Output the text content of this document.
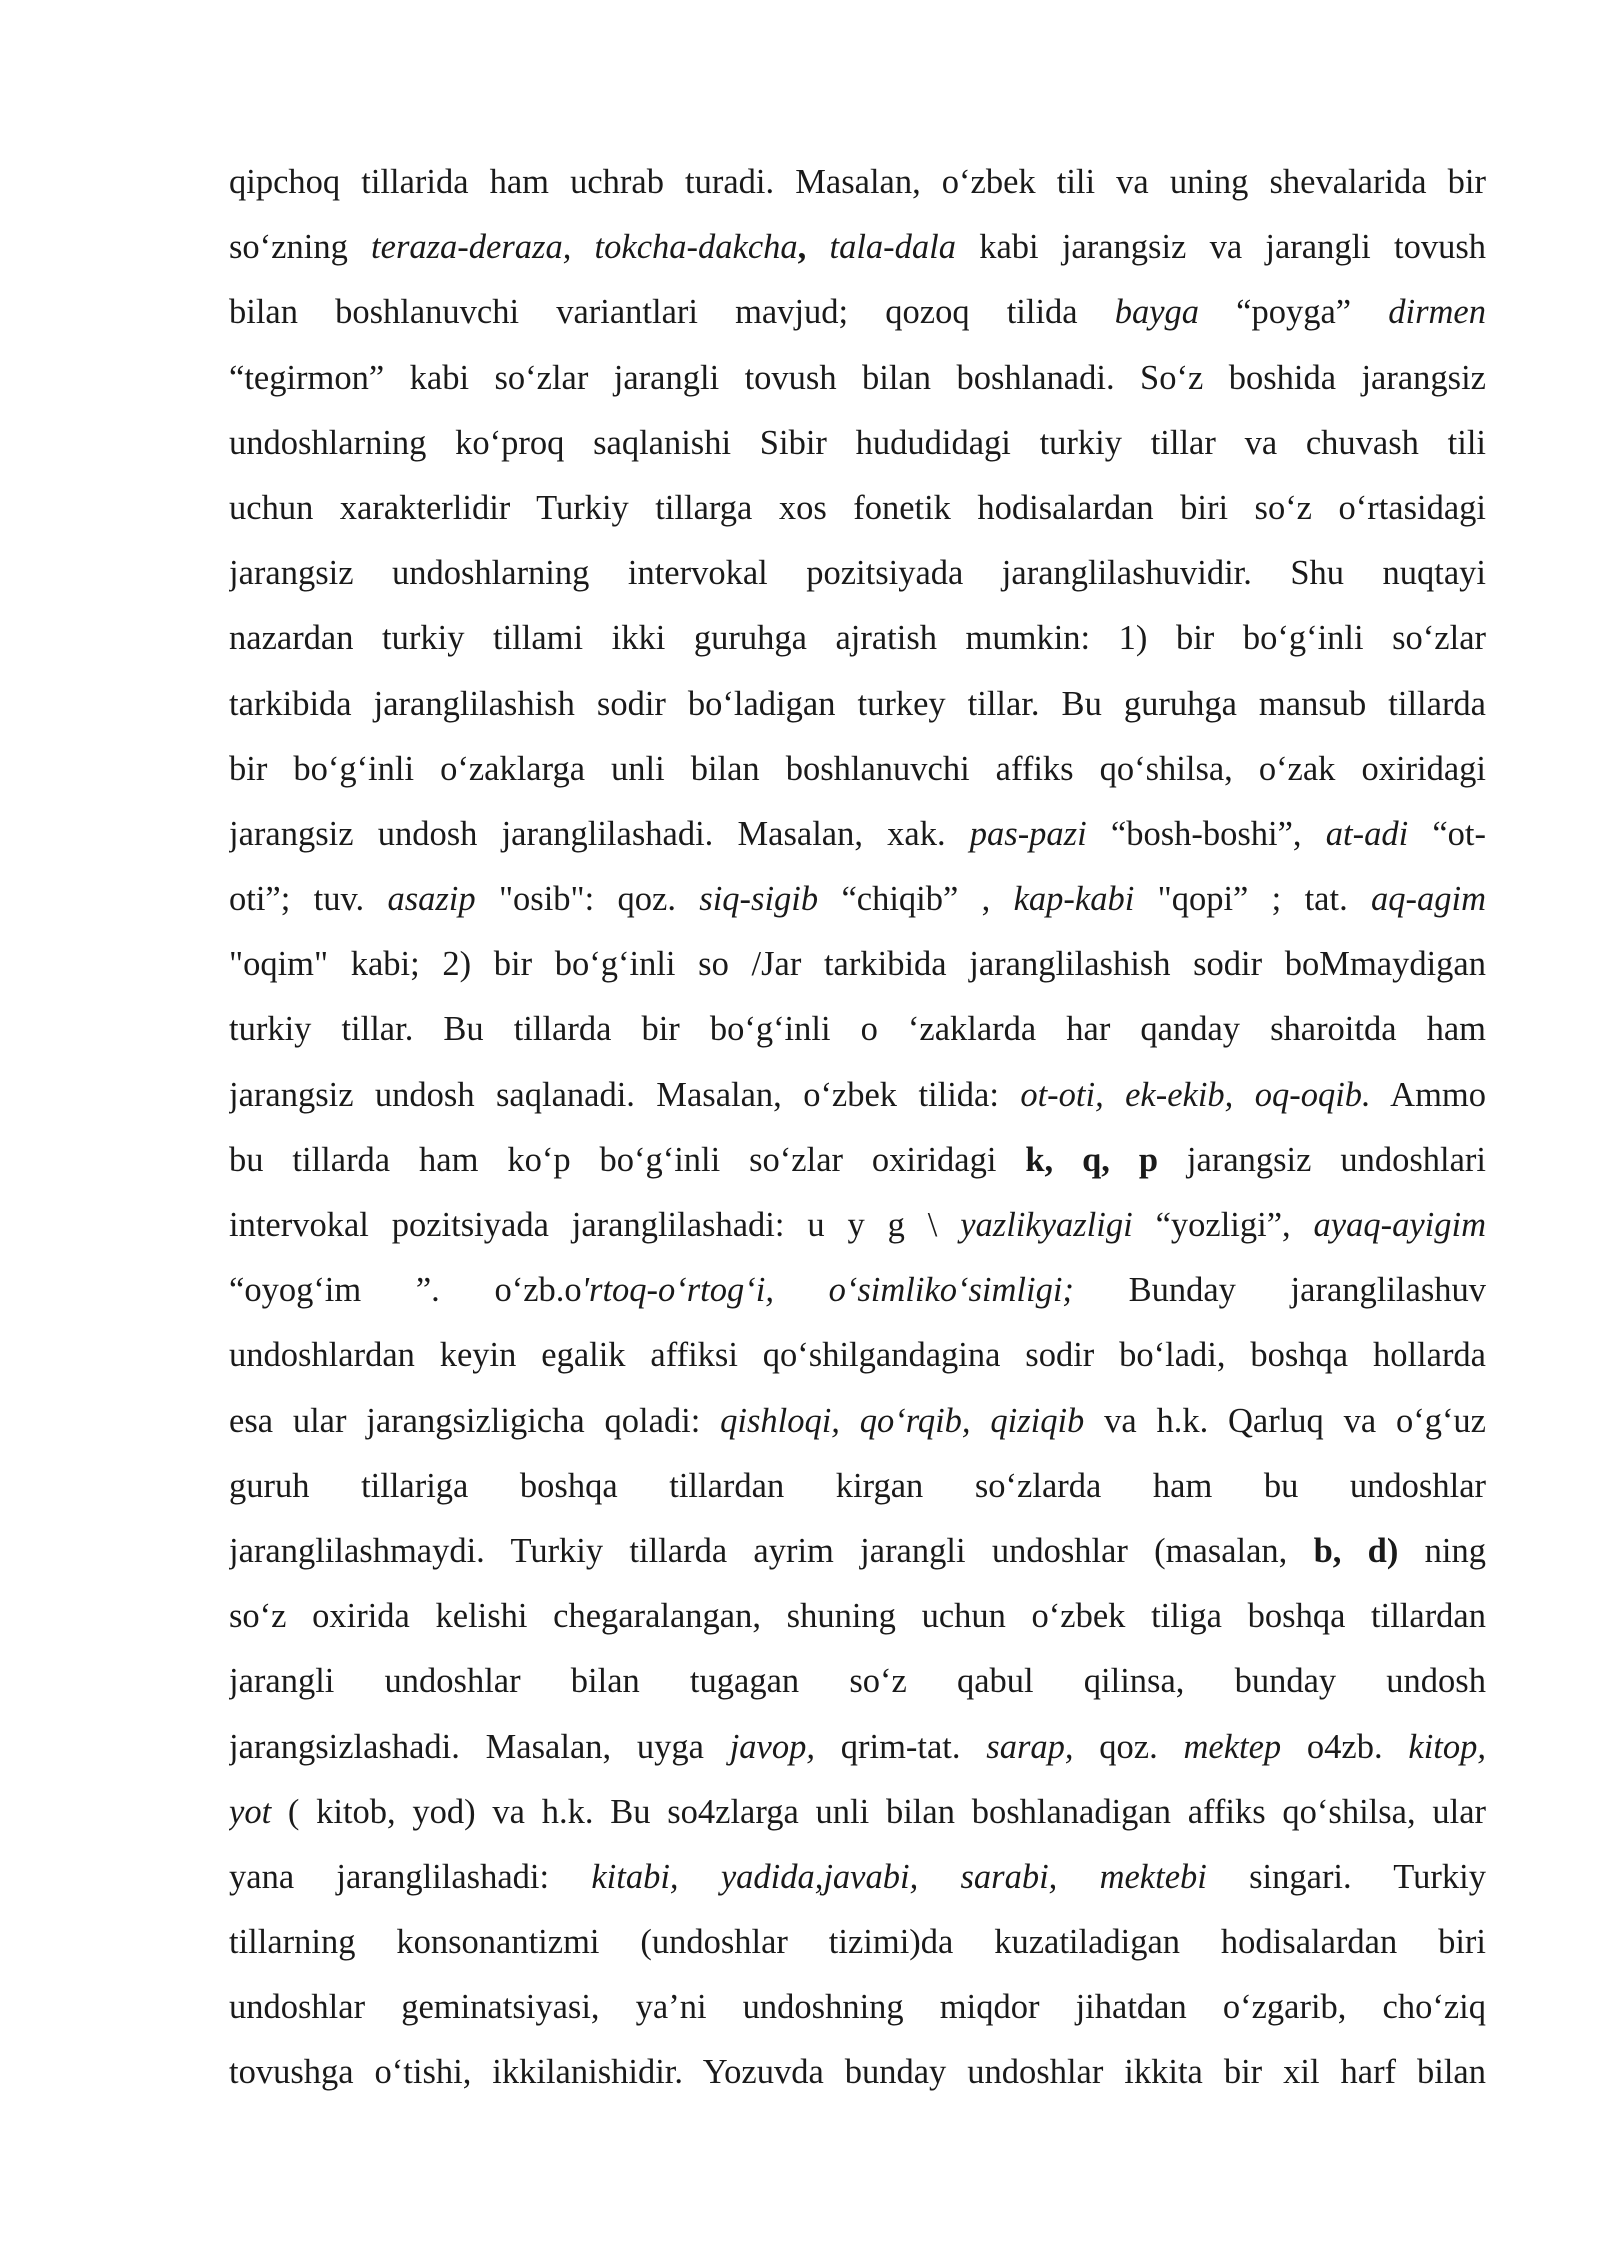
qipchoq tillarida ham uchrab turadi. Masalan, o‘zbek tili va uning shevalarida bir
so‘zning teraza-deraza, tokcha-dakcha, tala-dala kabi jarangsiz va jarangli tovush
bilan boshlanuvchi variantlari mavjud; qozoq tilida bayga “poyga” dirmen
“tegirmon” kabi so‘zlar jarangli tovush bilan boshlanadi. So‘z boshida jarangsiz
undoshlarning ko‘proq saqlanishi Sibir hududidagi turkiy tillar va chuvash tili
uchun xarakterlidir Turkiy tillarga xos fonetik hodisalardan biri so‘z o‘rtasidagi
jarangsiz undoshlarning intervokal pozitsiyada jaranglilashuvidir. Shu nuqtayi
nazardan turkiy tillami ikki guruhga ajratish mumkin: 1) bir bo‘g‘inli so‘zlar
tarkibida jaranglilashish sodir bo‘ladigan turkey tillar. Bu guruhga mansub tillarda
bir bo‘g‘inli o‘zaklarga unli bilan boshlanuvchi affiks qo‘shilsa, o‘zak oxiridagi
jarangsiz undosh jaranglilashadi. Masalan, xak. pas-pazi “bosh-boshi”, at-adi “ot-
oti”; tuv. asazip "osib": qoz. siq-sigib “chiqib” , kap-kabi "qopi” ; tat. aq-agim
"oqim" kabi; 2) bir bo‘g‘inli so /Jar tarkibida jaranglilashish sodir boMmaydigan
turkiy tillar. Bu tillarda bir bo‘g‘inli o ‘zaklarda har qanday sharoitda ham
jarangsiz undosh saqlanadi. Masalan, o‘zbek tilida: ot-oti, ek-ekib, oq-oqib. Ammo
bu tillarda ham ko‘p bo‘g‘inli so‘zlar oxiridagi k, q, p jarangsiz undoshlari
intervokal pozitsiyada jaranglilashadi: u y g \ yazlikyazligi “yozligi”, ayaq-ayigim
“oyog‘im ”. o‘zb.o'rtoq-o‘rtog‘i, o‘simliko‘simligi; Bunday jaranglilashuv
undoshlardan keyin egalik affiksi qo‘shilgandagina sodir bo‘ladi, boshqa hollarda
esa ular jarangsizligicha qoladi: qishloqi, qo‘rqib, qiziqib va h.k. Qarluq va o‘g‘uz
guruh tillariga boshqa tillardan kirgan so‘zlarda ham bu undoshlar
jaranglilashmaydi. Turkiy tillarda ayrim jarangli undoshlar (masalan, b, d) ning
so‘z oxirida kelishi chegaralangan, shuning uchun o‘zbek tiliga boshqa tillardan
jarangli undoshlar bilan tugagan so‘z qabul qilinsa, bunday undosh
jarangsizlashadi. Masalan, uyga javop, qrim-tat. sarap, qoz. mektep o4zb. kitop,
yot ( kitob, yod) va h.k. Bu so4zlarga unli bilan boshlanadigan affiks qo‘shilsa, ular
yana jaranglilashadi: kitabi, yadida,javabi, sarabi, mektebi singari. Turkiy
tillarning konsonantizmi (undoshlar tizimi)da kuzatiladigan hodisalardan biri
undoshlar geminatsiyasi, ya’ni undoshning miqdor jihatdan o‘zgarib, cho‘ziq
tovushga o‘tishi, ikkilanishidir. Yozuvda bunday undoshlar ikkita bir xil harf bilan
